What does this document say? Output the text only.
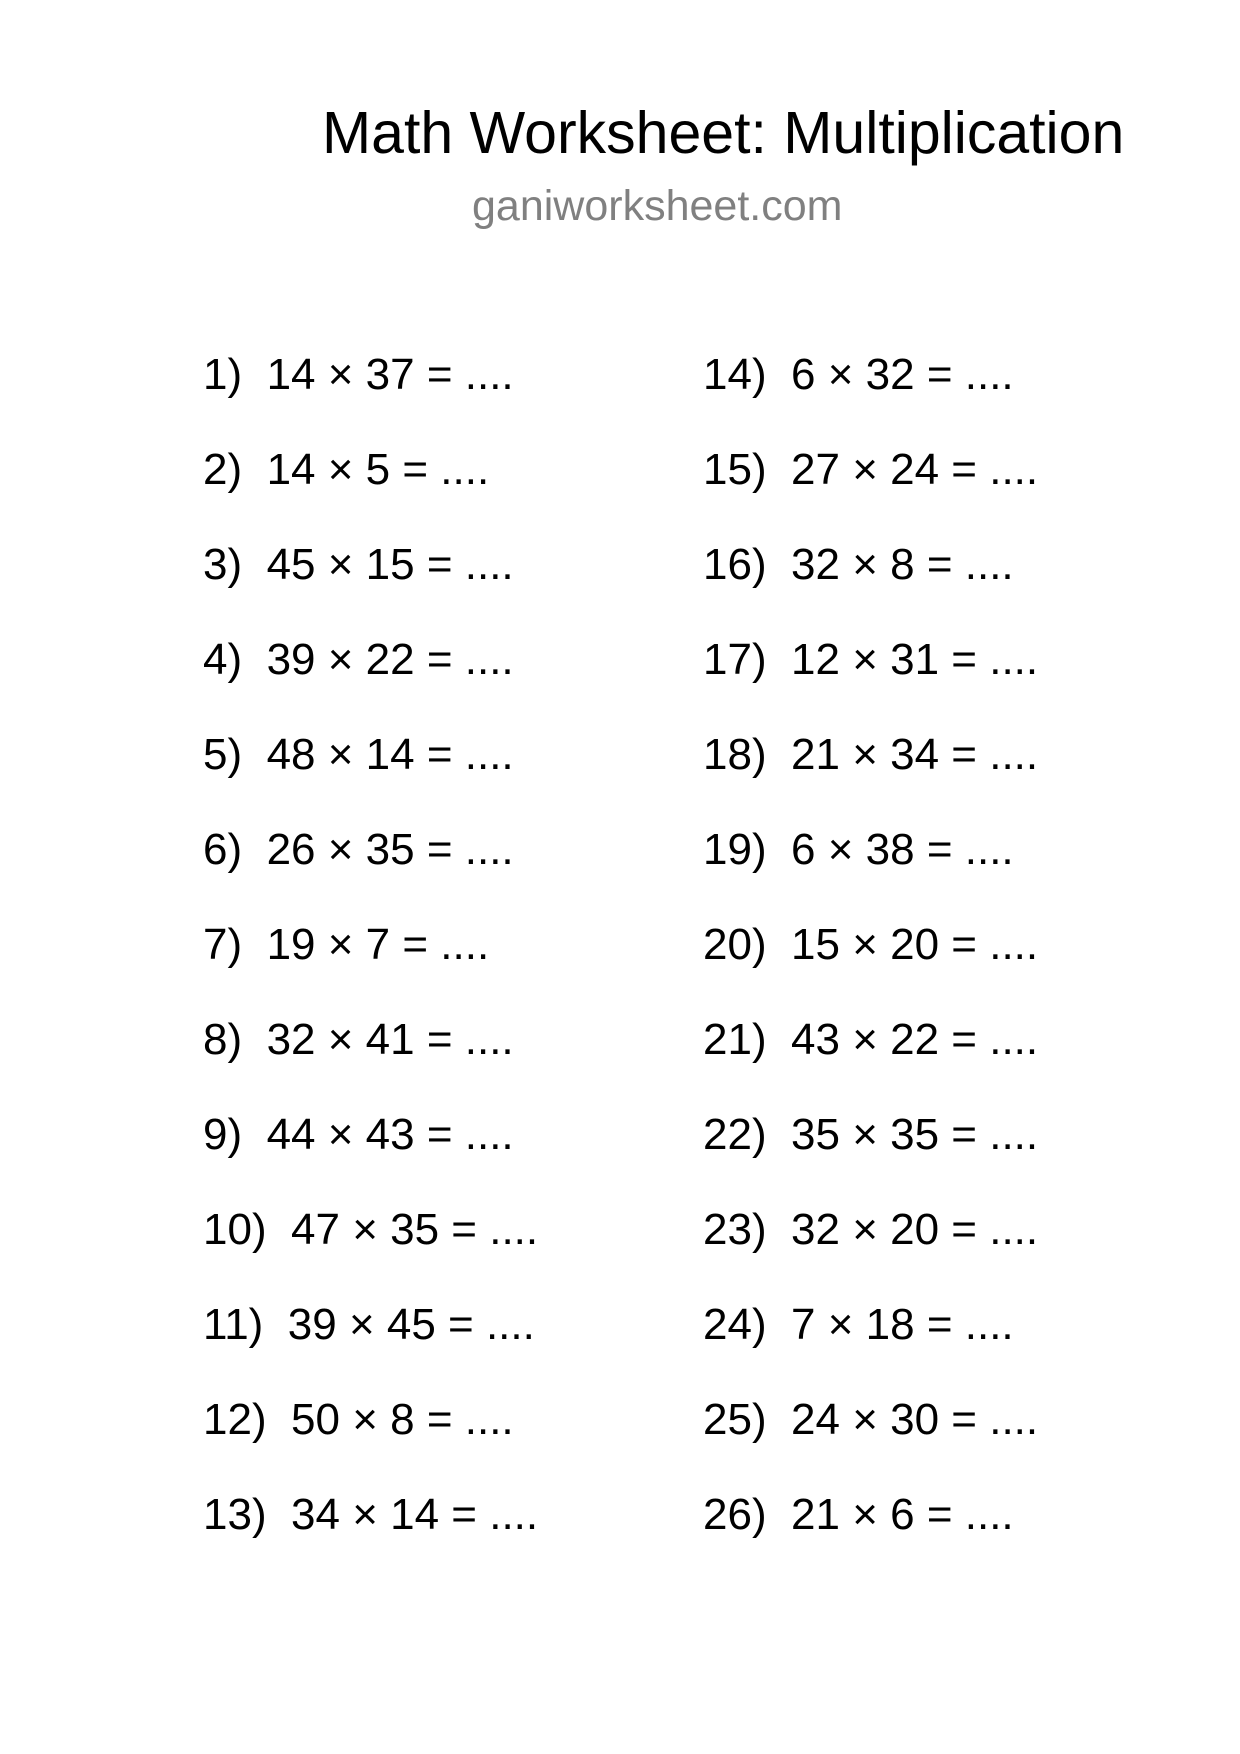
Math Worksheet: Multiplication
ganiworksheet.com
1)  14 × 37 = ....
2)  14 × 5 = ....
3)  45 × 15 = ....
4)  39 × 22 = ....
5)  48 × 14 = ....
6)  26 × 35 = ....
7)  19 × 7 = ....
8)  32 × 41 = ....
9)  44 × 43 = ....
10)  47 × 35 = ....
11)  39 × 45 = ....
12)  50 × 8 = ....
13)  34 × 14 = ....
14)  6 × 32 = ....
15)  27 × 24 = ....
16)  32 × 8 = ....
17)  12 × 31 = ....
18)  21 × 34 = ....
19)  6 × 38 = ....
20)  15 × 20 = ....
21)  43 × 22 = ....
22)  35 × 35 = ....
23)  32 × 20 = ....
24)  7 × 18 = ....
25)  24 × 30 = ....
26)  21 × 6 = ....
